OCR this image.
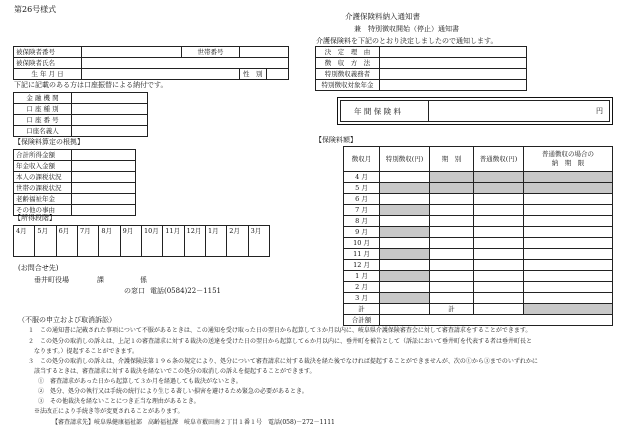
第26号様式
介護保険料納入通知書
兼　特別徴収開始（停止）通知書
介護保険料を下記のとおり決定しましたので通知します。
被保険者番号		世帯番号	
被保険者氏名			
生 年 月 日			性　別
下記に記載のある方は口座振替による納付です。
金 融 機 関	
口 座 種 別	
口 座 番 号	
口座名義人	
決　定　理　由	
徴　収　方　法	
特別徴収義務者	
特別徴収対象年金	
年 間 保 険 料	円
【保険料算定の根拠】
合計所得金額	
年金収入金額	
本人の課税状況	
世帯の課税状況	
老齢福祉年金	
その他の事由	
【所得段階】
4月	5月	6月	7月	8月	9月	10月	11月	12月	1月	2月	3月
【保険料額】
徴収月	特別徴収(円)	期　別	普通徴収(円)	普通徴収の場合の
納　期　限
4 月				
5 月				
6 月				
7 月				
8 月				
9 月				
10 月				
11 月				
12 月				
1 月				
2 月				
3 月				
計		計		
合計額				
(お問合せ先)
垂井町役場	課	係
の窓口 電話(0584)22－1151
（不服の申立および取消訴訟）
１　この通知書に記載された事項について不服があるときは、この通知を受け取った日の翌日から起算して３か月以内に、岐阜県介護保険審査会に対して審査請求をすることができます。
２　この処分の取消しの訴えは、上記１の審査請求に対する裁決の送達を受けた日の翌日から起算して６か月以内に、垂井町を被告として（訴訟において垂井町を代表する者は垂井町長と
なります。）提起することができます。
３　この処分の取消しの訴えは、介護保険法第１９６条の規定により、処分について審査請求に対する裁決を経た後でなければ提起することができませんが、次の①から③までのいずれかに
該当するときは、審査請求に対する裁決を経ないでこの処分の取消しの訴えを提起することができます。
①　審査請求があった日から起算して３か月を経過しても裁決がないとき。
②　処分、処分の執行又は手続の続行により生じる著しい損害を避けるため緊急の必要があるとき。
③　その他裁決を経ないことにつき正当な理由があるとき。
※法改正により手続き等が変更されることがあります。
【審査請求先】岐阜県健康福祉部　高齢福祉課　岐阜市薮田南２丁目１番１号　電話(058)－272－1111
